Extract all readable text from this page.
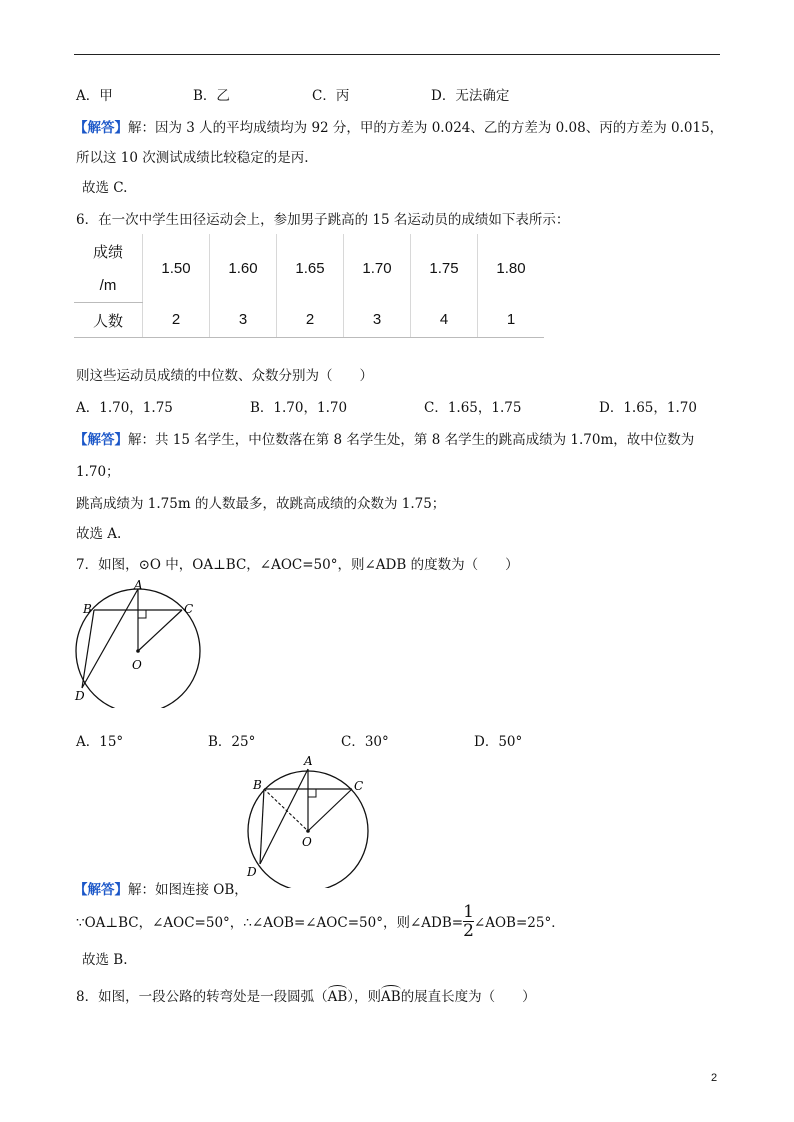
A．甲	B．乙	C．丙	D．无法确定
【解答】解：因为 3 人的平均成绩均为 92 分，甲的方差为 0.024、乙的方差为 0.08、丙的方差为 0.015，
所以这 10 次测试成绩比较稳定的是丙.
故选 C.
6．在一次中学生田径运动会上，参加男子跳高的 15 名运动员的成绩如下表所示：
成绩	1.50	1.60	1.65	1.70	1.75	1.80
/m						
人数	2	3	2	3	4	1
则这些运动员成绩的中位数、众数分别为（　　）
A．1.70，1.75	B．1.70，1.70	C．1.65，1.75	D．1.65，1.70
【解答】解：共 15 名学生，中位数落在第 8 名学生处，第 8 名学生的跳高成绩为 1.70m，故中位数为
1.70；
跳高成绩为 1.75m 的人数最多，故跳高成绩的众数为 1.75；
故选 A.
7．如图，⊙O 中，OA⊥BC，∠AOC=50°，则∠ADB 的度数为（　　）
A
B	C
D
O
A．15°	B．25°	C．30°	D．50°
A
B	C
D
O
【解答】解：如图连接 OB，
∵OA⊥BC，∠AOC=50°，∴∠AOB=∠AOC=50°，则∠ADB= $\frac{1}{2}$ ∠AOB=25°．
故选 B.
8．如图，一段公路的转弯处是一段圆弧（AB），则AB的展直长度为（　　）
2
